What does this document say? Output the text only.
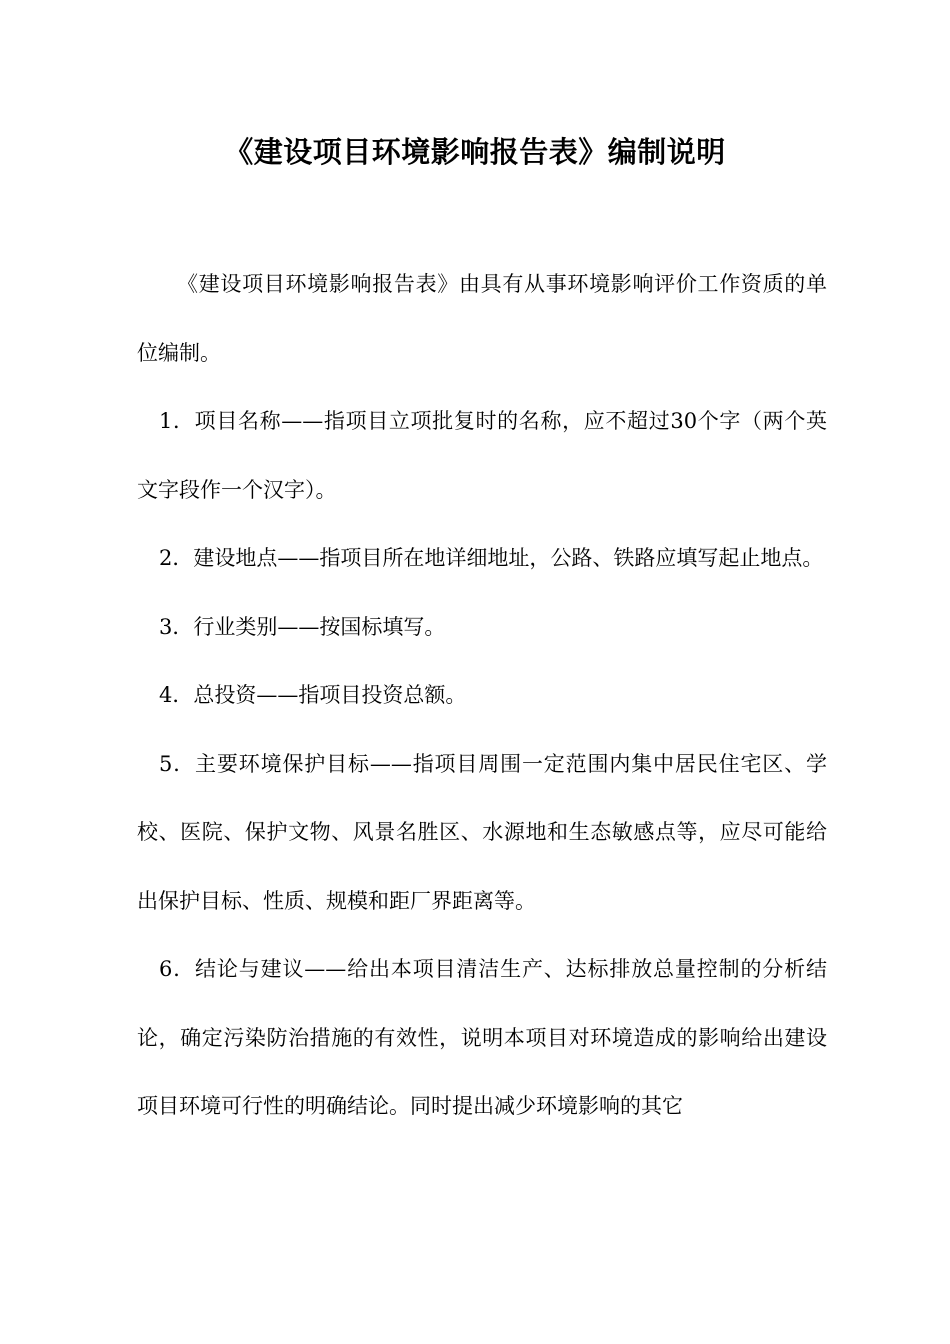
《建设项目环境影响报告表》编制说明

《建设项目环境影响报告表》由具有从事环境影响评价工作资质的单位编制。

1．项目名称——指项目立项批复时的名称，应不超过30个字（两个英文字段作一个汉字）。

2．建设地点——指项目所在地详细地址，公路、铁路应填写起止地点。

3．行业类别——按国标填写。

4．总投资——指项目投资总额。

5．主要环境保护目标——指项目周围一定范围内集中居民住宅区、学校、医院、保护文物、风景名胜区、水源地和生态敏感点等，应尽可能给出保护目标、性质、规模和距厂界距离等。

6．结论与建议——给出本项目清洁生产、达标排放总量控制的分析结论，确定污染防治措施的有效性，说明本项目对环境造成的影响给出建设项目环境可行性的明确结论。同时提出减少环境影响的其它
